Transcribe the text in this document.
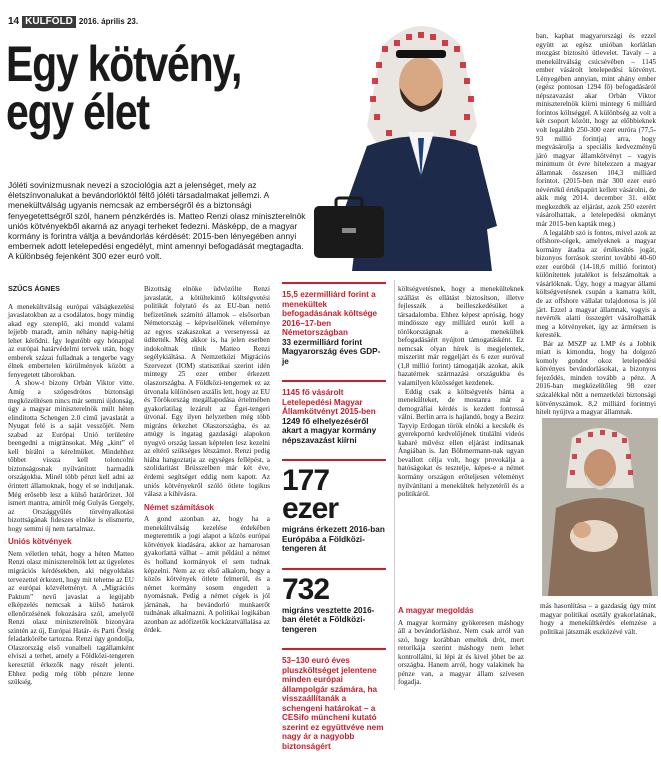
14 KÜLFÖLD 2016. április 23.
Egy kötvény,
egy élet

Jóléti sovinizmusnak nevezi a szociológia azt a jelenséget, mely az életszínvonalukat a bevándorlóktól féltő jóléti társadalmakat jellemzi. A menekültválság ugyanis nemcsak az emberségről és a biztonsági fenyegetettségről szól, hanem pénzkérdés is. Matteo Renzi olasz miniszterelnök uniós kötvényekből akarná az anyagi terheket fedezni. Másképp, de a magyar kormány is forintra váltja a bevándorlás kérdését: 2015-ben lényegében annyi embernek adott letelepedési engedélyt, mint amennyi befogadását megtagadta. A különbség fejenként 300 ezer euró volt.

SZŰCS ÁGNES

A menekültválság európai válságkezelési javaslatokban az a csodálatos, hogy mindig akad egy szereplő, aki mondd valami lejjebb maradt, amin néhány napig-hétig lehet kérődni. Így legutóbb egy hónappal az európai határvédelmi tervek után, hogy emberek százai fulladnak a tengerbe vagy élnek embertelen körülmények között a fenyegetett táborokban.

A show-t bizony Orbán Viktor vitte. Amíg a szögesdrótos biztonsági megközelítésen nincs már semmi újdonság, úgy a magyar miniszterelnök múlt héten elindította Schengen 2.0 című javaslatát a Nyugat felé is a saját vesszőjét. Nem szabad az Európai Unió területére beengedni a migránsokat. Még „kint” el kell bírálni a kérelmüket. Mindehhez tőbbet vissza kell toloncolni biztonságosnak nyilvánított harmadik országokba. Minél több pénzt kell adni az érintett államoknak, hogy el se induljanak. Még erősebb lesz a külső határőrizet. Jól ismert mantra, amiről még Gulyás Gergely, az Országgyűlés törvényalkotási bizottságának fideszes elnöke is elismerte, hogy semmi új nem tartalmaz.

Uniós kötvények

Nem véletlen tehát, hogy a héten Matteo Renzi olasz miniszterelnök lett az ügyeletes migrációs kérdésekben, aki négyoldalas tervezettel érkezett, hogy mit tehetne az EU az európai közvéleményt. A „Migrációs Paktum” nevű javaslat a legújabb elképzelés nemcsak a külső határok ellenőrzésének fokozására szól, amelyről Renzi olasz miniszterelnök bizonyára szintén az új, Európai Határ- és Parti Őrség feladatkörébe tartozna. Renzi úgy gondolja, Olaszország első vonalbeli tagállamként elviszi a terhet, amely a Földközi-tengeren keresztül érkezők nagy részét jelenti. Ehhez pedig még több pénzre lenne szükség.

Bizottság elnöke üdvözölte Renzi javaslatát, a kötültekintő költségvetési politikát folytató és az EU-ban nettó befizetőnek számító államok – elsősorban Németország – képviselőinek véleménye az egyes szakaszokat a versenyessá az üdítették. Még akkor is, ha jelen esetben indokoltnak tűnik Matteo Renzi segélykiáltása. A Nemzetközi Migrációs Szervezet (IOM) statisztikai szerint idén mintegy 25 ezer ember érkezett olaszországba. A Földközi-tengernek ez az útvonala különösen aszális lett, hogy az EU és Törökország megállapodása értelmében gyakorlatilag lezárult az Égei-tengeri útvonal. Egy ilyen helyzetben még több migráns érkezhet Olaszországba, és az amúgy is ingatag gazdasági alapokon nyugvó ország lassan képtelen lesz kezelni az eltérő szükséges létszámot. Renzi pedig hiába hangoztatja az egységes fellépést, a szolidaritást Brüsszelben már két éve, érdemi segítséget eddig nem kapott. Az uniós kötvényekről szóló ötlete logikus válasz a kihívásra.

Német számítások

A gond azonban az, hogy ha a menekültválság kezelése érdekében megteremtik a jogi alapot a közös európai kötvények kiadására, akkor az hamarosan gyakorlattá válhat – amit például a német és holland kormányok el sem tudnak képzelni. Nem az ez első alkalom, hogy a közös kötvények ötlete felmerül, és a német kormány sosem engedett a nyomásnak. Pedig a német cégek is jól járnának, ha bevándorló munkaerőt tudnának alkalmazni. A politikai logikában azonban az adófizetők kockázatvállalása az érdek.

15,5 ezermilliárd forint a menekültek befogadásának költsége 2016–17-ben Németországban
33 ezermilliárd forint Magyarország éves GDP-je
1145 fő vásárolt Letelepedési Magyar Államkötvényt 2015-ben
1249 fő elhelyezéséről akart a magyar kormány népszavazást kiírni
177 ezer
migráns érkezett 2016-ban Európába a Földközi-tengeren át
732
migráns vesztette 2016-ban életét a Földközi-tengeren
53–130 euró éves pluszköltséget jelentene minden európai állampolgár számára, ha visszaállítanák a schengeni határokat – a CESifo müncheni kutató szerint ez együttvéve nem nagy ár a nagyobb biztonságért

költségvetésnek, hogy a menekülteknek szállást és ellátást biztosítson, illetve fejlesszék a beilleszkedésüket a társadalomba. Ehhez képest apróság, hogy mindössze egy milliárd eurót kell a törökországnak a menekültek befogadásáért nyújtott támogatásként. Ez nemcsak olyan hírek is megjelentek, miszerint már reggeljárt és 6 ezer euróval (1,8 millió forint) támogatják azokat, akik hazatérnek származási országukba és valamilyen közösséget kezdenek.

Eddig csak a költségvetés bánta a menekülteket, de mostanra már a demográfiai kérdés is kezdett fontossá válni. Berlin arra is hajlandó, hogy a Bezirz Tayyip Erdogan török elnöki a kecskék és gyerekpornó kedvelőjének titulálni videós kabaré művész ellen eljárást indítsanak Ángiában is. Jan Böhmermann-nak ugyan bevallott célja volt, hogy provokálja a hatóságokat és tesztelje, képes-e a német kormány országon erőteljesen véleményt nyilvánítani a menekültek helyzetéről és a politikáról.

A magyar megoldás

A magyar kormány gyökeresen máshogy áll a bevándorláshoz. Nem csak arról van szó, hogy korábban emeltek drót, mert retorikája szerint máshogy nem lehet kontrollálni, ki lépi át és kivel jöhet be az országba. Hanem arról, hogy valakinek ha pénze van, a magyar állam szívesen fogadja.

ban, kaphat magyarországi és ezzel együtt az egész unióban korlátlan mozgást biztosító útlevelet. Tavaly – a menekültválság csúcsévében – 1145 ember vásárolt letelepedési kötvényt. Lényegében annyian, mint ahány ember (egész pontosan 1294 fő) befogadásáról népszavazást akar Orbán Viktor miniszterelnök kiírni mintegy 6 milliárd forintos költséggel. A különbség az volt a két csoport között, hogy az előbbieknek volt legalább 250-300 ezer euróra (77,5-93 millió forintja) arra, hogy megvásárolja a speciális kedvezményű járó magyar államkötvényt – vagyis minimum öt évre hitelezzen a magyar államnak összesen 104,3 milliárd forintot. (2015-ben már 300 ezer euró névértékű értékpapírt kellett vásárolni, de akik még 2014. december 31. előtt megkezdték az eljárást, azok 250 ezerért vásárolhattak, a letelepedési okmányt már 2015-ben kapták meg.)

A legalább szó is fontos, mivel azok az offshore-cégek, amelyeknek a magyar kormány átadta az értékesítés jogát, bizonyos források szerint további 40-60 ezer euróból (14-18,6 millió forintot) különítettek jutalékot is felszámoltak a vásárlóknak. Úgy, hogy a magyar állami költségvetésnek csupán a kamatra költ, de az offshore vállalat tulajdonosa is jól járt. Ezzel a magyar államnak, vagyis a nevérték alatti összegért vásárolhatták meg a kötvényeket, így az ármérsen is keresték.

Bár az MSZP az LMP és a Jobbik miatt is kimondta, hogy ha dolgozó komoly gondot okoz letelepedési kötvényes bevándorlásokat, a bizonyos fejeződés, minden tovább a pénz. A 2016-ban megközelítőleg 98 ezer százalékkal nőtt a nemzetközi biztonsági kötvényszámok. 8,2 milliárd forintnyi hitelt nyújtva a magyar államnak.

más hasonlítása – a gazdaság úgy mint magyar politikai osztály gyakorlatának, hogy a menekültkérdés elemzése a politikai játszmák eszközévé vált.
